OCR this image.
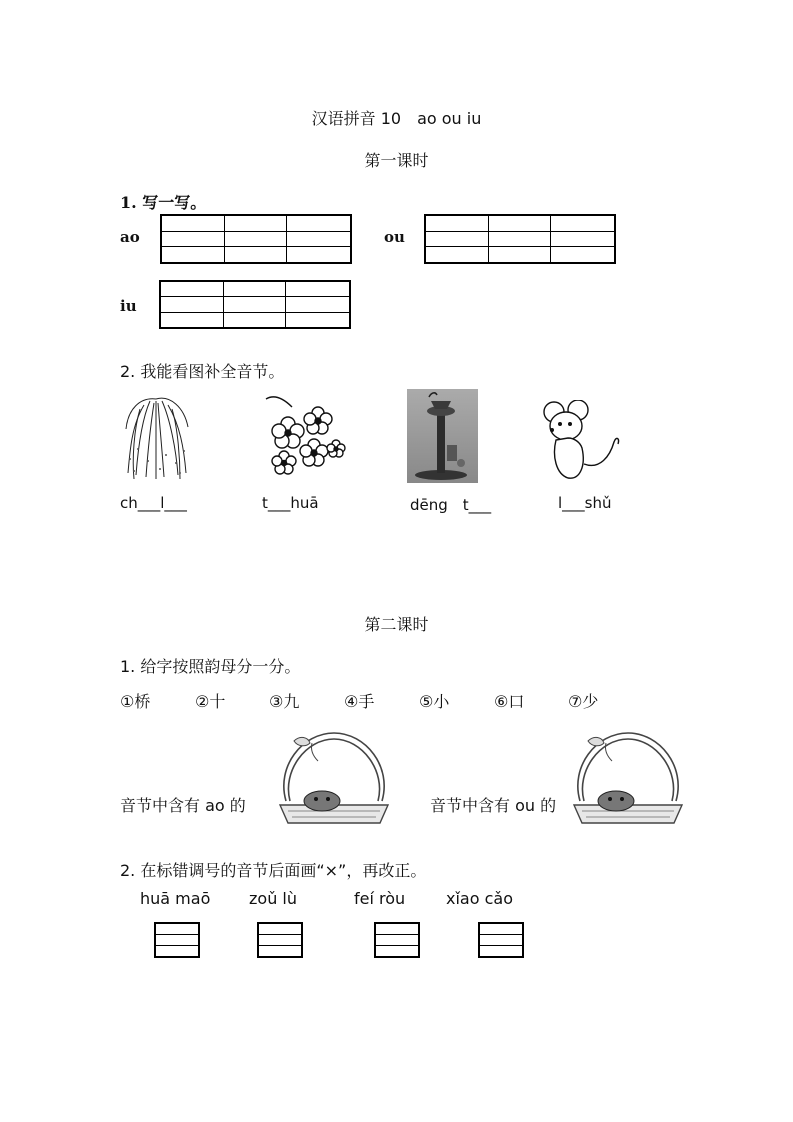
汉语拼音 10　ao ou iu
第一课时
1. 写一写。
ao	ou
iu
2. 我能看图补全音节。
ch___l___	t___huā	dēng　t___	l___shǔ
第二课时
1. 给字按照韵母分一分。
①桥	②十	③九	④手	⑤小	⑥口	⑦少
音节中含有 ao 的	音节中含有 ou 的
2. 在标错调号的音节后面画“×”，再改正。
huā maō zoǔ lù	feí ròu	xǐao cǎo
